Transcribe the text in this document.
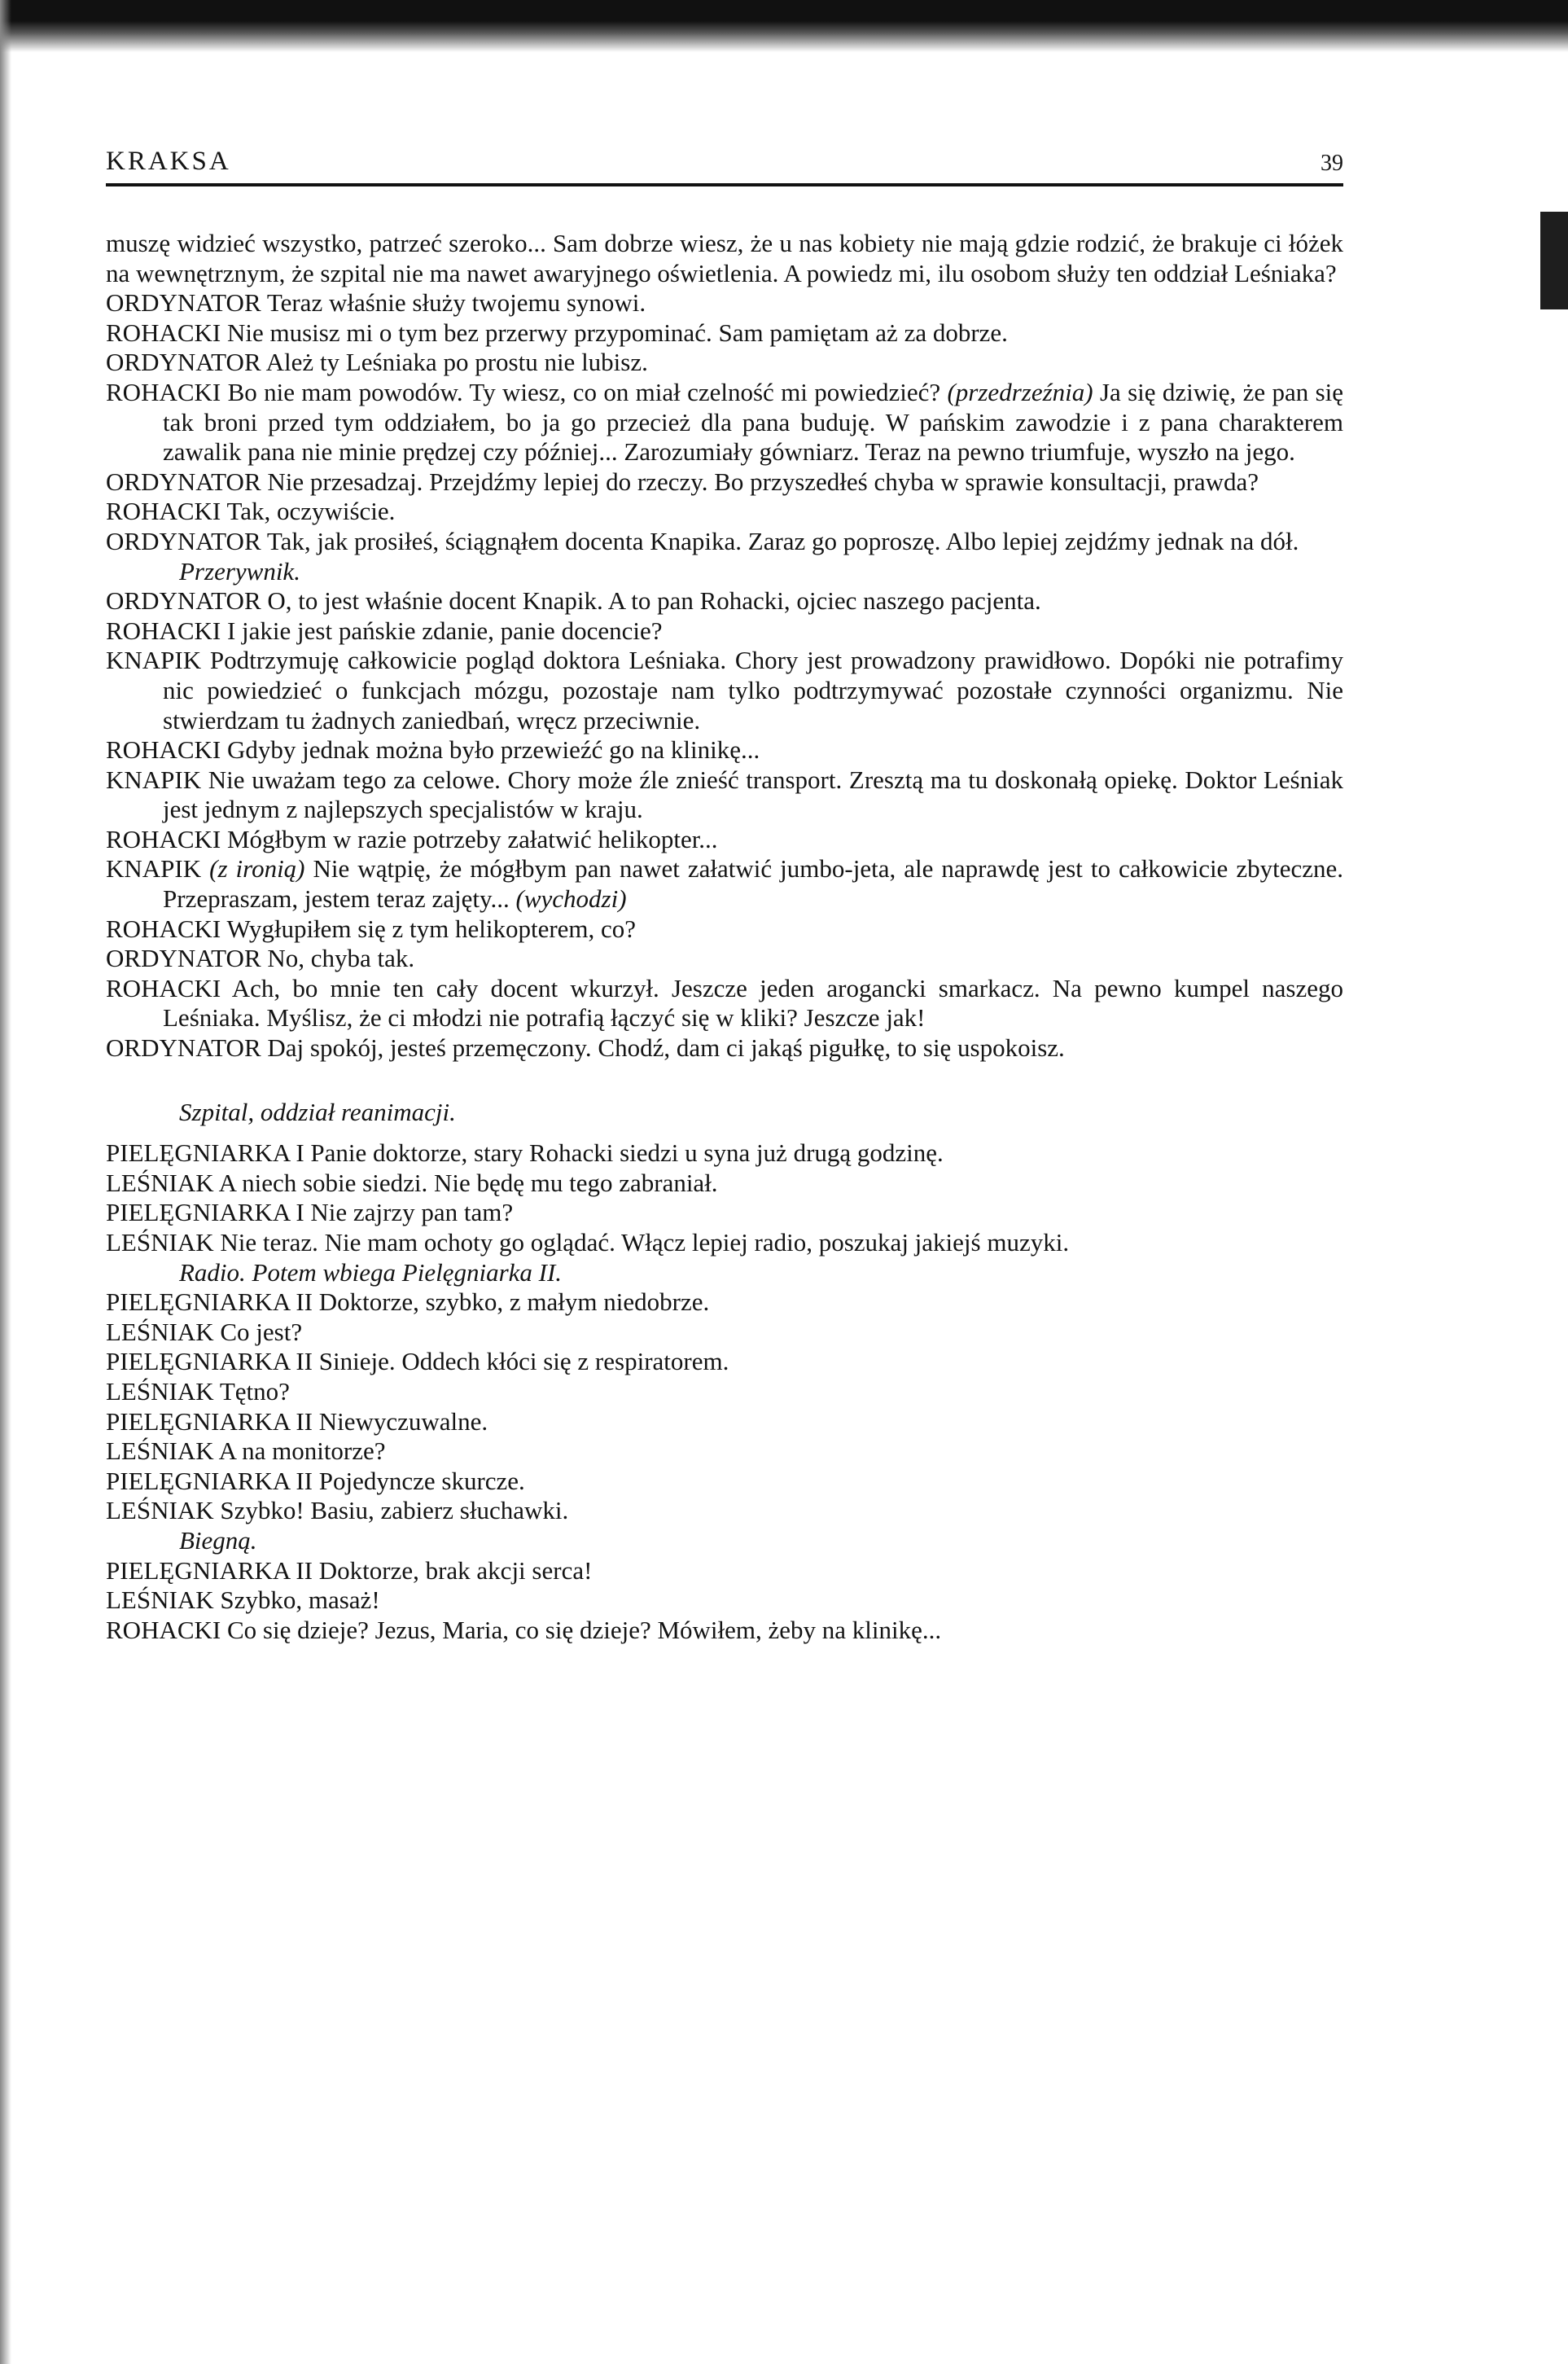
KRAKSA	39

muszę widzieć wszystko, patrzeć szeroko... Sam dobrze wiesz, że u nas kobiety nie mają gdzie rodzić, że brakuje ci łóżek na wewnętrznym, że szpital nie ma nawet awaryjnego oświetlenia. A powiedz mi, ilu osobom służy ten oddział Leśniaka?

ORDYNATOR Teraz właśnie służy twojemu synowi.

ROHACKI Nie musisz mi o tym bez przerwy przypominać. Sam pamiętam aż za dobrze.

ORDYNATOR Ależ ty Leśniaka po prostu nie lubisz.

ROHACKI Bo nie mam powodów. Ty wiesz, co on miał czelność mi powiedzieć? (przedrzeźnia) Ja się dziwię, że pan się tak broni przed tym oddziałem, bo ja go przecież dla pana buduję. W pańskim zawodzie i z pana charakterem zawalik pana nie minie prędzej czy później... Zarozumiały gówniarz. Teraz na pewno triumfuje, wyszło na jego.

ORDYNATOR Nie przesadzaj. Przejdźmy lepiej do rzeczy. Bo przyszedłeś chyba w sprawie konsultacji, prawda?

ROHACKI Tak, oczywiście.

ORDYNATOR Tak, jak prosiłeś, ściągnąłem docenta Knapika. Zaraz go poproszę. Albo lepiej zejdźmy jednak na dół.

Przerywnik.

ORDYNATOR O, to jest właśnie docent Knapik. A to pan Rohacki, ojciec naszego pacjenta.

ROHACKI I jakie jest pańskie zdanie, panie docencie?

KNAPIK Podtrzymuję całkowicie pogląd doktora Leśniaka. Chory jest prowadzony prawidłowo. Dopóki nie potrafimy nic powiedzieć o funkcjach mózgu, pozostaje nam tylko podtrzymywać pozostałe czynności organizmu. Nie stwierdzam tu żadnych zaniedbań, wręcz przeciwnie.

ROHACKI Gdyby jednak można było przewieźć go na klinikę...

KNAPIK Nie uważam tego za celowe. Chory może źle znieść transport. Zresztą ma tu doskonałą opiekę. Doktor Leśniak jest jednym z najlepszych specjalistów w kraju.

ROHACKI Mógłbym w razie potrzeby załatwić helikopter...

KNAPIK (z ironią) Nie wątpię, że mógłbym pan nawet załatwić jumbo-jeta, ale naprawdę jest to całkowicie zbyteczne. Przepraszam, jestem teraz zajęty... (wychodzi)

ROHACKI Wygłupiłem się z tym helikopterem, co?

ORDYNATOR No, chyba tak.

ROHACKI Ach, bo mnie ten cały docent wkurzył. Jeszcze jeden arogancki smarkacz. Na pewno kumpel naszego Leśniaka. Myślisz, że ci młodzi nie potrafią łączyć się w kliki? Jeszcze jak!

ORDYNATOR Daj spokój, jesteś przemęczony. Chodź, dam ci jakąś pigułkę, to się uspokoisz.

Szpital, oddział reanimacji.

PIELĘGNIARKA I Panie doktorze, stary Rohacki siedzi u syna już drugą godzinę.

LEŚNIAK A niech sobie siedzi. Nie będę mu tego zabraniał.

PIELĘGNIARKA I Nie zajrzy pan tam?

LEŚNIAK Nie teraz. Nie mam ochoty go oglądać. Włącz lepiej radio, poszukaj jakiejś muzyki.

Radio. Potem wbiega Pielęgniarka II.

PIELĘGNIARKA II Doktorze, szybko, z małym niedobrze.

LEŚNIAK Co jest?

PIELĘGNIARKA II Sinieje. Oddech kłóci się z respiratorem.

LEŚNIAK Tętno?

PIELĘGNIARKA II Niewyczuwalne.

LEŚNIAK A na monitorze?

PIELĘGNIARKA II Pojedyncze skurcze.

LEŚNIAK Szybko! Basiu, zabierz słuchawki.

Biegną.

PIELĘGNIARKA II Doktorze, brak akcji serca!

LEŚNIAK Szybko, masaż!

ROHACKI Co się dzieje? Jezus, Maria, co się dzieje? Mówiłem, żeby na klinikę...
